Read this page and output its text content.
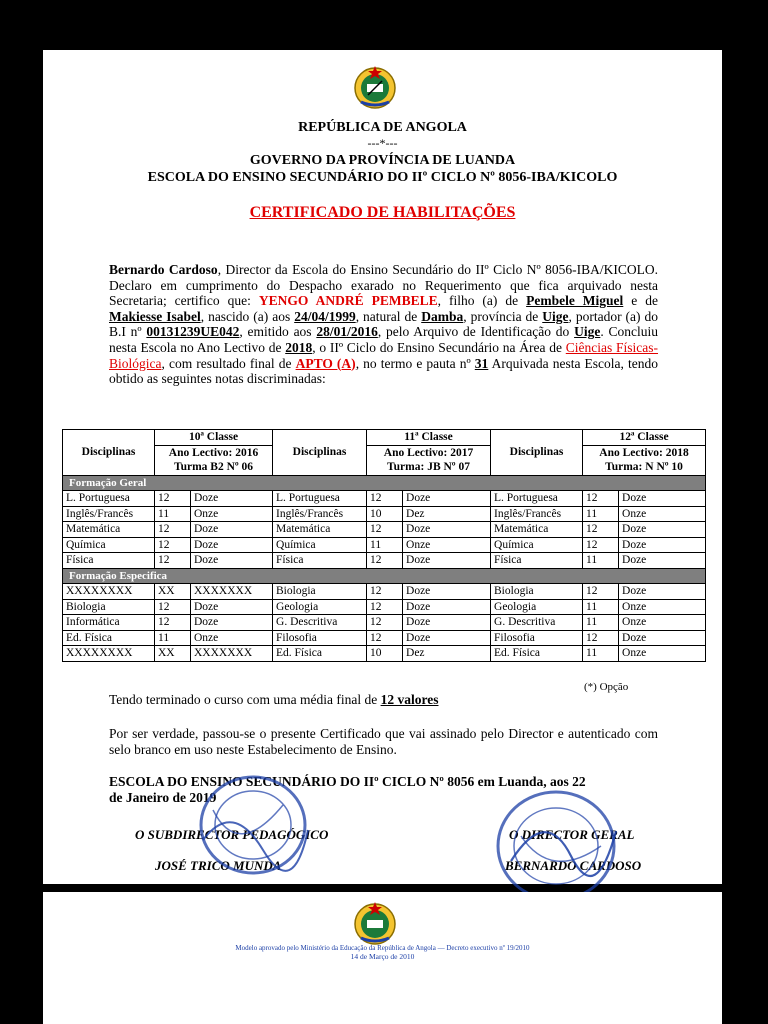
REPÚBLICA DE ANGOLA
---*---
GOVERNO DA PROVÍNCIA DE LUANDA
ESCOLA DO ENSINO SECUNDÁRIO DO IIº CICLO Nº 8056-IBA/KICOLO
CERTIFICADO DE HABILITAÇÕES
Bernardo Cardoso, Director da Escola do Ensino Secundário do IIº Ciclo Nº 8056-IBA/KICOLO. Declaro em cumprimento do Despacho exarado no Requerimento que fica arquivado nesta Secretaria; certifico que: YENGO ANDRÉ PEMBELE, filho (a) de Pembele Miguel e de Makiesse Isabel, nascido (a) aos 24/04/1999, natural de Damba, província de Uige, portador (a) do B.I nº 00131239UE042, emitido aos 28/01/2016, pelo Arquivo de Identificação do Uige. Concluiu nesta Escola no Ano Lectivo de 2018, o IIº Ciclo do Ensino Secundário na Área de Ciências Físicas-Biológica, com resultado final de APTO (A), no termo e pauta nº 31 Arquivada nesta Escola, tendo obtido as seguintes notas discriminadas:
Disciplinas	10ª Classe		Disciplinas	11ª Classe		Disciplinas	12ª Classe	
	Ano Lectivo: 2016			Ano Lectivo: 2017			Ano Lectivo: 2018	
	Turma B2 Nº 06			Turma: JB Nº 07			Turma: N Nº 10	
Formação Geral								
L. Portuguesa	12	Doze	L. Portuguesa	12	Doze	L. Portuguesa	12	Doze
Inglês/Francês	11	Onze	Inglês/Francês	10	Dez	Inglês/Francês	11	Onze
Matemática	12	Doze	Matemática	12	Doze	Matemática	12	Doze
Química	12	Doze	Química	11	Onze	Química	12	Doze
Física	12	Doze	Física	12	Doze	Física	11	Doze
Formação Especifica								
XXXXXXXX	XX	XXXXXXX	Biologia	12	Doze	Biologia	12	Doze
Biologia	12	Doze	Geologia	12	Doze	Geologia	11	Onze
Informática	12	Doze	G. Descritiva	12	Doze	G. Descritiva	11	Onze
Ed. Física	11	Onze	Filosofia	12	Doze	Filosofia	12	Doze
XXXXXXXX	XX	XXXXXXX	Ed. Física	10	Dez	Ed. Física	11	Onze
Tendo terminado o curso com uma média final de 12 valores
(*) Opção
Por ser verdade, passou-se o presente Certificado que vai assinado pelo Director e autenticado com selo branco em uso neste Estabelecimento de Ensino.
ESCOLA DO ENSINO SECUNDÁRIO DO IIº CICLO Nº 8056 em Luanda, aos 22
de Janeiro de 2019
O SUBDIRECTOR PEDAGÓGICO
JOSÉ TRICO MUNDA
O DIRECTOR GERAL
BERNARDO CARDOSO
Modelo aprovado pelo Ministério da Educação da República de Angola — Decreto executivo nº 19/2010
14 de Março de 2010
